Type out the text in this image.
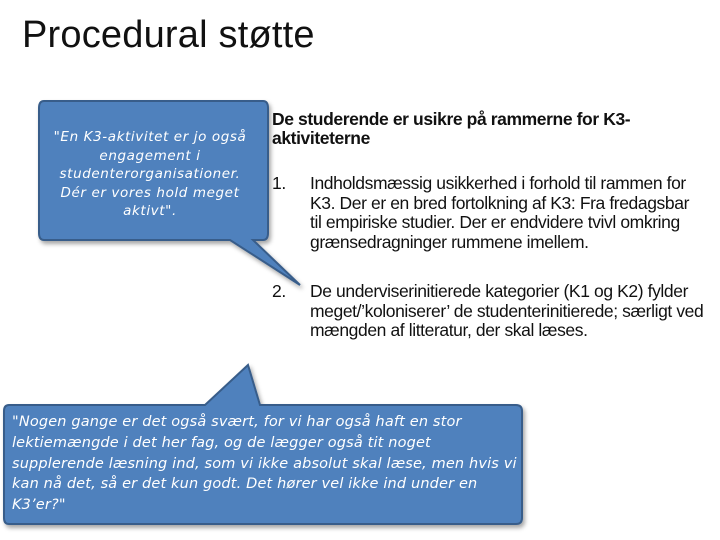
Procedural støtte
"En K3-aktivitet er jo også engagement i studenterorganisationer. Dér er vores hold meget aktivt".

De studerende er usikre på rammerne for K3-aktiviteterne

1.	Indholdsmæssig usikkerhed i forhold til rammen for K3. Der er en bred fortolkning af K3: Fra fredagsbar til empiriske studier. Der er endvidere tvivl omkring grænsedragninger rummene imellem.
2.	De underviserinitierede kategorier (K1 og K2) fylder meget/’koloniserer’ de studenterinitierede; særligt ved mængden af litteratur, der skal læses.
"Nogen gange er det også svært, for vi har også haft en stor lektiemængde i det her fag, og de lægger også tit noget supplerende læsning ind, som vi ikke absolut skal læse, men hvis vi kan nå det, så er det kun godt. Det hører vel ikke ind under en K3’er?"
